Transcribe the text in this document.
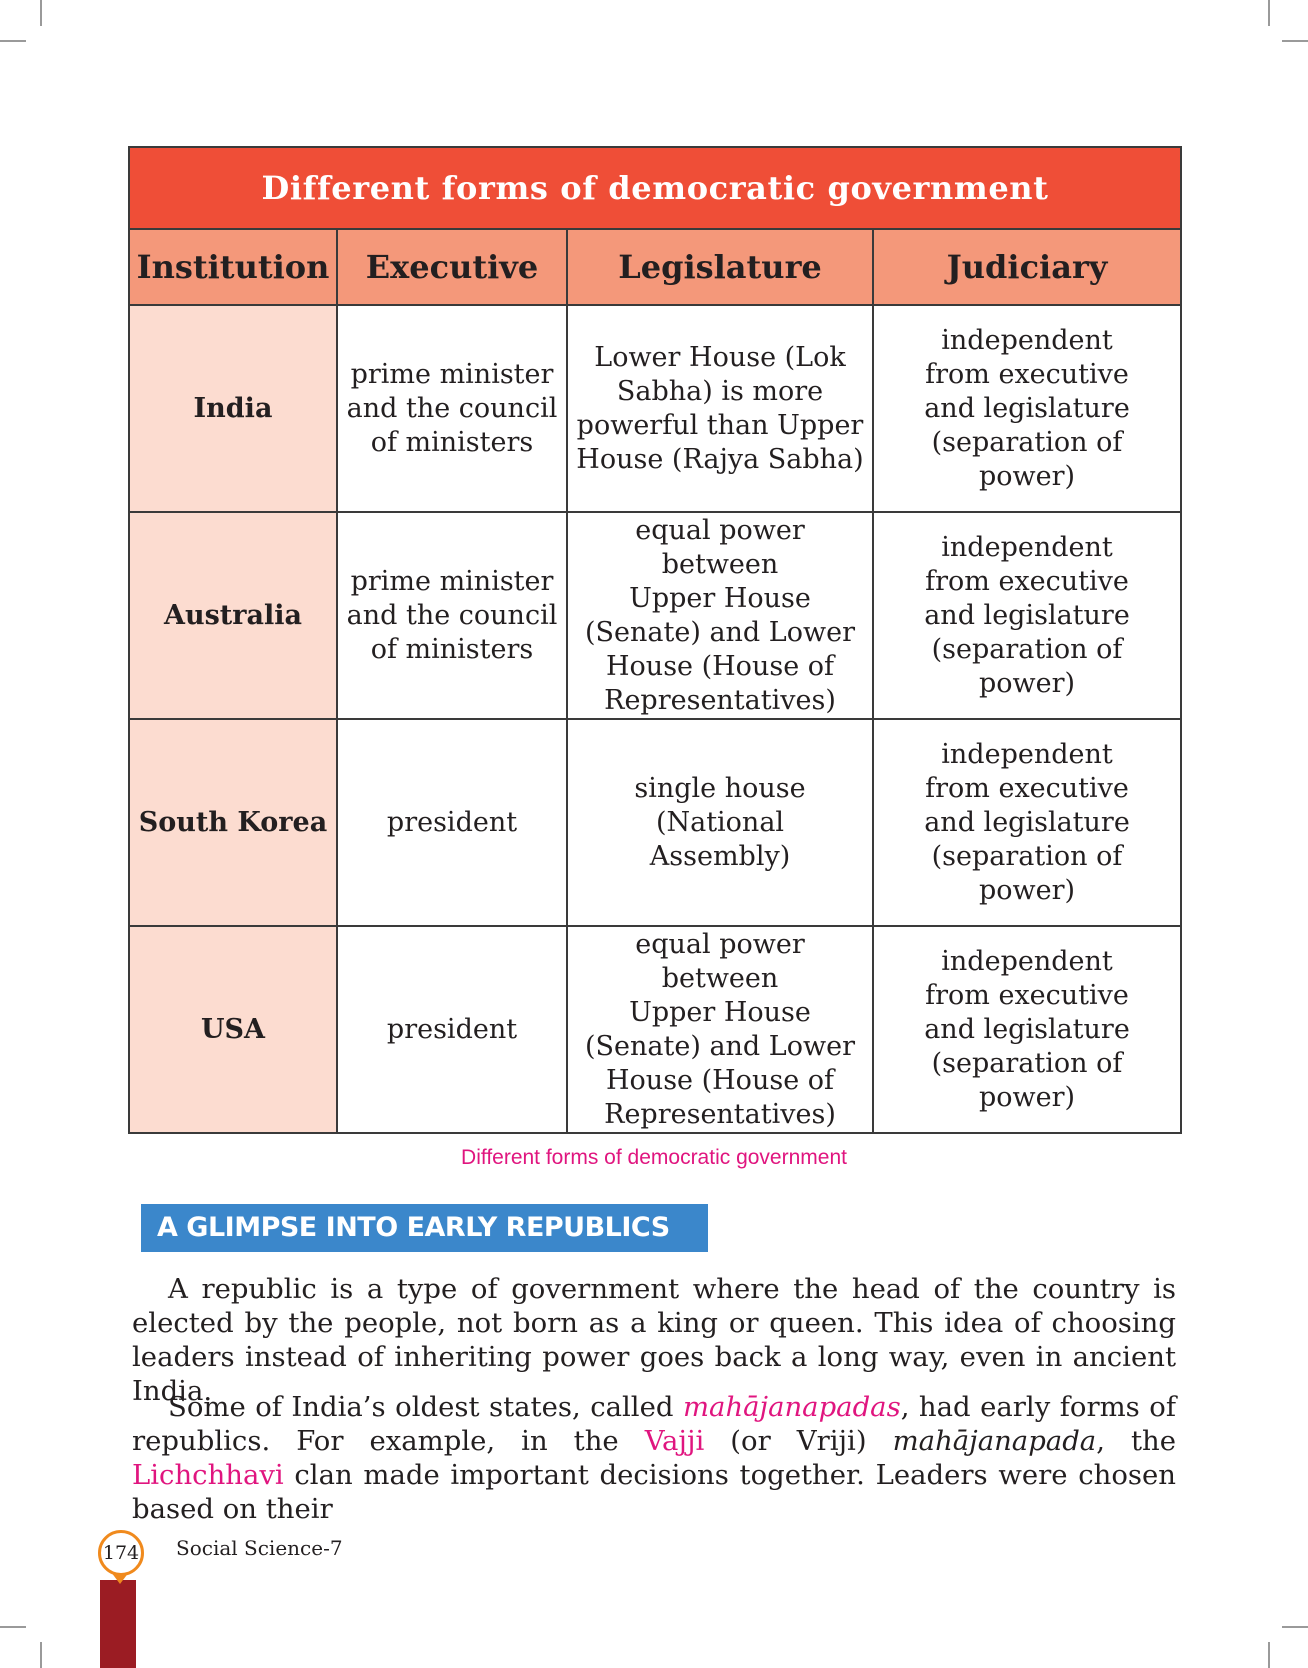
Different forms of democratic government			
Institution	Executive	Legislature	Judiciary
India	prime minister
and the council
of ministers	Lower House (Lok
Sabha) is more
powerful than Upper
House (Rajya Sabha)	independent
from executive
and legislature
(separation of power)

Australia	prime minister
and the council
of ministers	equal power between
Upper House
(Senate) and Lower
House (House of
Representatives)	independent
from executive
and legislature
(separation of power)

South Korea	president	single house (National
Assembly)	independent
from executive
and legislature
(separation of power)

USA	president	equal power between
Upper House
(Senate) and Lower
House (House of
Representatives)	independent
from executive
and legislature
(separation of power)
Different forms of democratic government
A GLIMPSE INTO EARLY REPUBLICS

A republic is a type of government where the head of the country is elected by the people, not born as a king or queen. This idea of choosing leaders instead of inheriting power goes back a long way, even in ancient India.

Some of India’s oldest states, called mahājanapadas, had early forms of republics. For example, in the Vajji (or Vriji) mahājanapada, the Lichchhavi clan made important decisions together. Leaders were chosen based on their

174 Social Science-7
